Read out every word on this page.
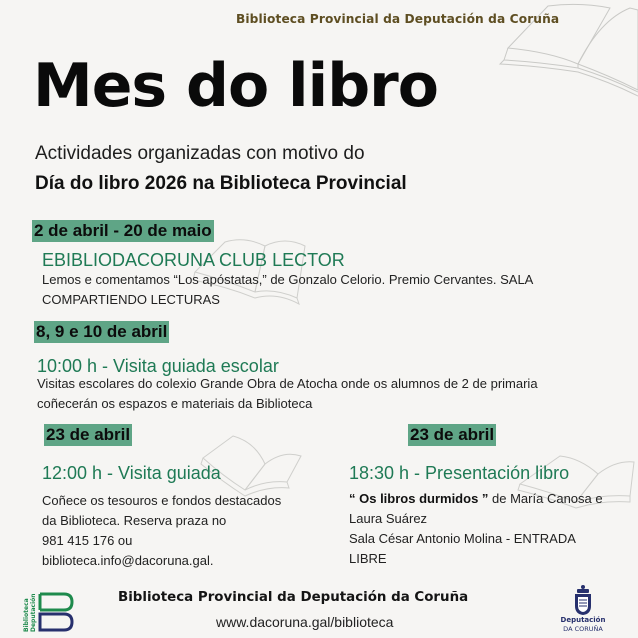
Biblioteca Provincial da Deputación da Coruña
Mes do libro
Actividades organizadas con motivo do
Día do libro 2026 na Biblioteca Provincial
2 de abril - 20 de maio
EBIBLIODACORUNA CLUB LECTOR
Lemos e comentamos “Los apóstatas,” de Gonzalo Celorio. Premio Cervantes. SALA COMPARTIENDO LECTURAS
8, 9 e 10 de abril
10:00 h - Visita guiada escolar
Visitas escolares do colexio Grande Obra de Atocha onde os alumnos de 2 de primaria coñecerán os espazos e materiais da Biblioteca
23 de abril
12:00 h - Visita guiada
Coñece os tesouros e fondos destacados
da Biblioteca. Reserva praza no
981 415 176 ou
biblioteca.info@dacoruna.gal.
23 de abril
18:30 h - Presentación libro
“ Os libros durmidos ” de María Canosa e
Laura Suárez
Sala César Antonio Molina - ENTRADA
LIBRE
Biblioteca Deputación	Biblioteca Provincial da Deputación da Coruña
www.dacoruna.gal/biblioteca	Deputación
DA CORUÑA
